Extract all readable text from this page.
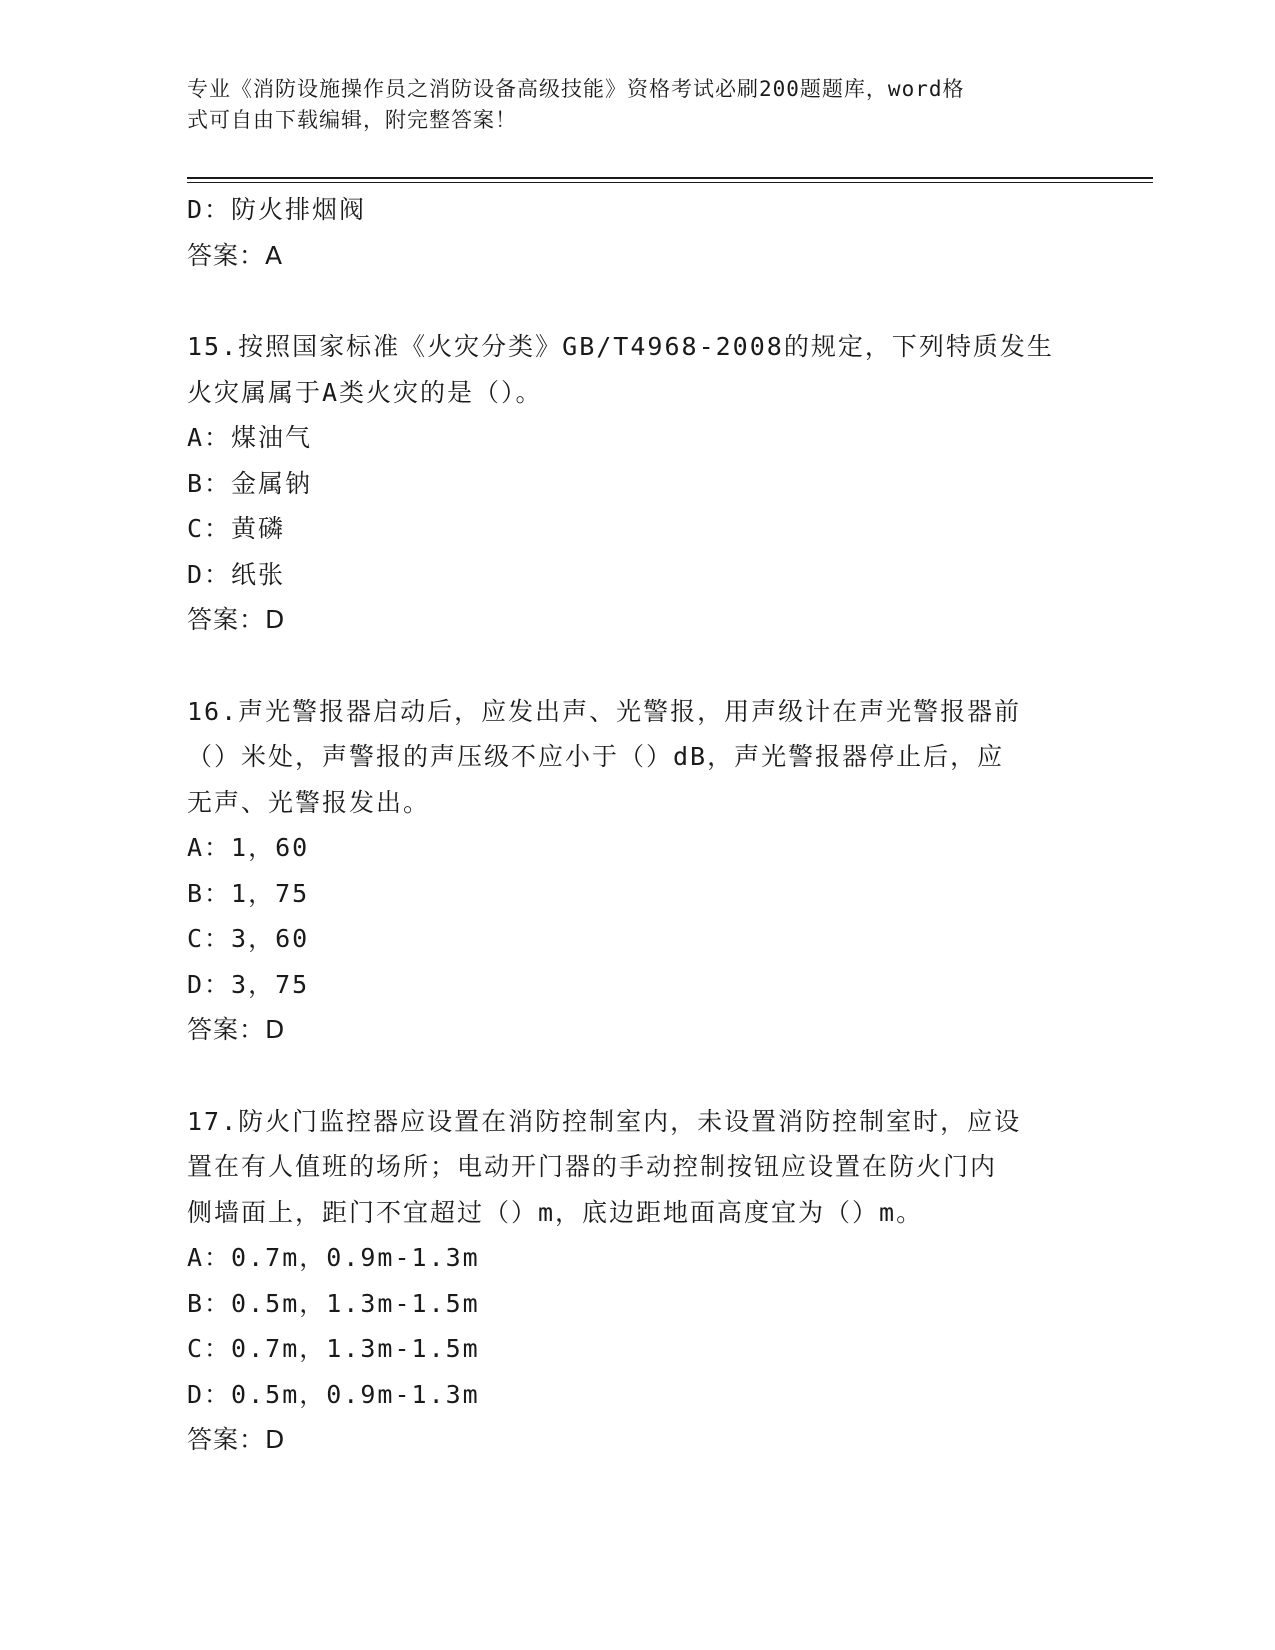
专业《消防设施操作员之消防设备高级技能》资格考试必刷200题题库，word格
式可自由下载编辑，附完整答案！
D：防火排烟阀
答案：A
15.按照国家标准《火灾分类》GB/T4968-2008的规定，下列特质发生
火灾属属于A类火灾的是（）。
A：煤油气
B：金属钠
C：黄磷
D：纸张
答案：D
16.声光警报器启动后，应发出声、光警报，用声级计在声光警报器前
（）米处，声警报的声压级不应小于（）dB，声光警报器停止后，应
无声、光警报发出。
A：1，60
B：1，75
C：3，60
D：3，75
答案：D
17.防火门监控器应设置在消防控制室内，未设置消防控制室时，应设
置在有人值班的场所；电动开门器的手动控制按钮应设置在防火门内
侧墙面上，距门不宜超过（）m，底边距地面高度宜为（）m。
A：0.7m，0.9m-1.3m
B：0.5m，1.3m-1.5m
C：0.7m，1.3m-1.5m
D：0.5m，0.9m-1.3m
答案：D
